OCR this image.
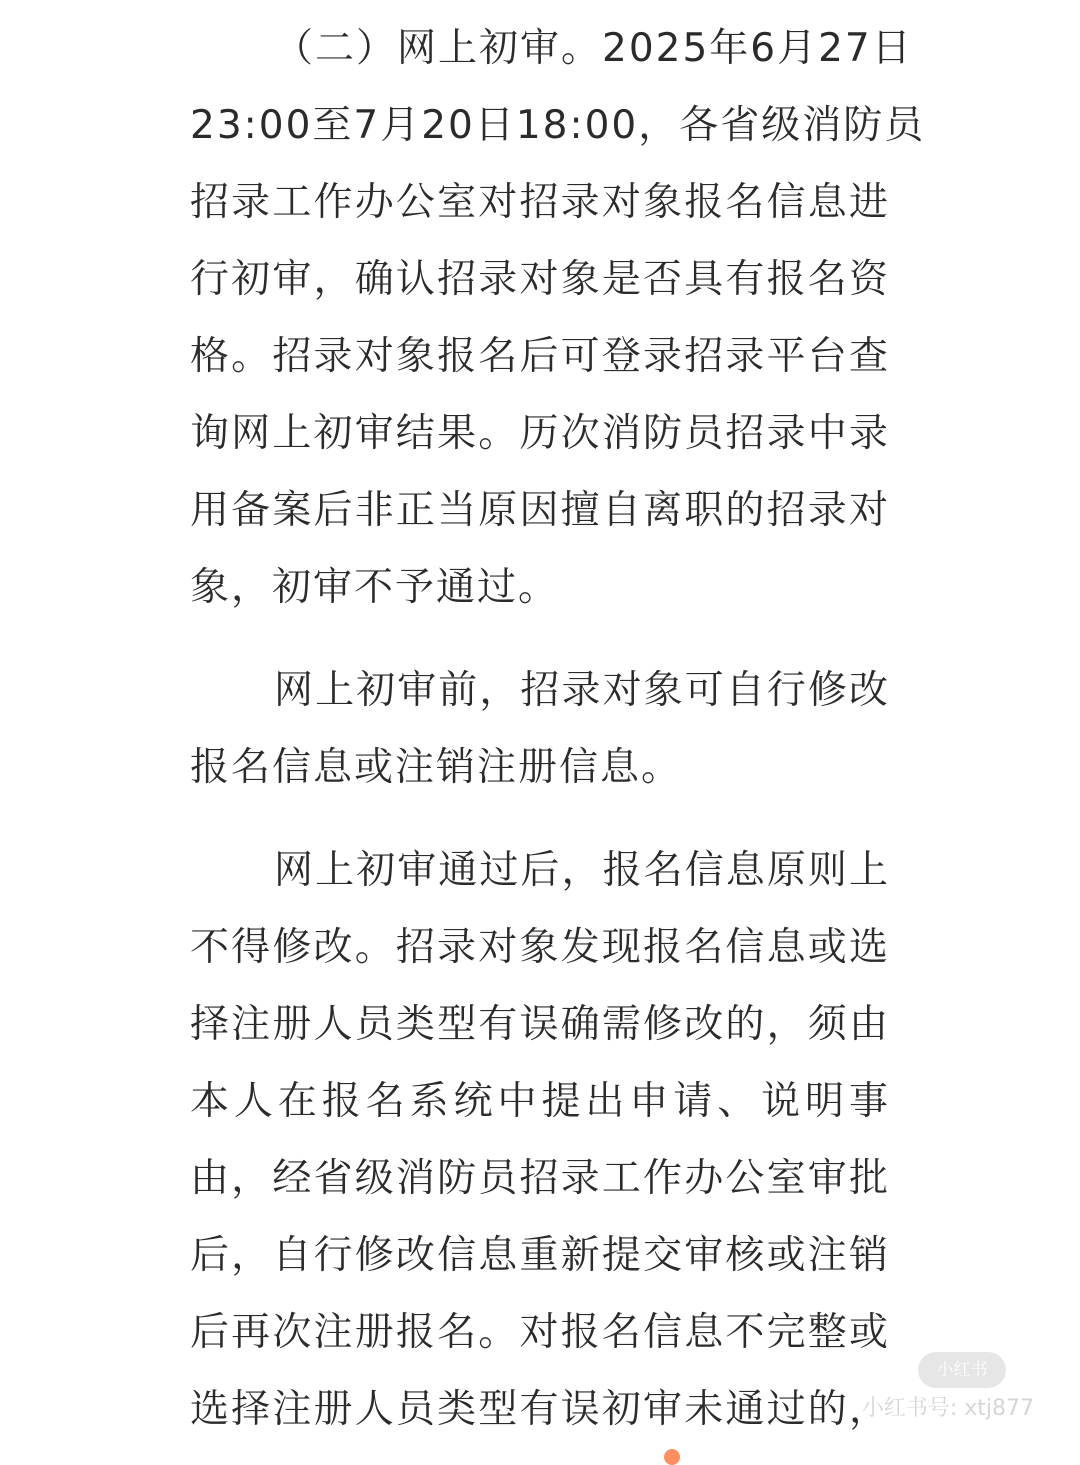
（二）网上初审。2025年6月27日
23:00至7月20日18:00，各省级消防员
招录工作办公室对招录对象报名信息进
行初审，确认招录对象是否具有报名资
格。招录对象报名后可登录招录平台查
询网上初审结果。历次消防员招录中录
用备案后非正当原因擅自离职的招录对
象，初审不予通过。
网上初审前，招录对象可自行修改
报名信息或注销注册信息。
网上初审通过后，报名信息原则上
不得修改。招录对象发现报名信息或选
择注册人员类型有误确需修改的，须由
本人在报名系统中提出申请、说明事
由，经省级消防员招录工作办公室审批
后，自行修改信息重新提交审核或注销
后再次注册报名。对报名信息不完整或
选择注册人员类型有误初审未通过的，
小红书
小红书号: xtj877
